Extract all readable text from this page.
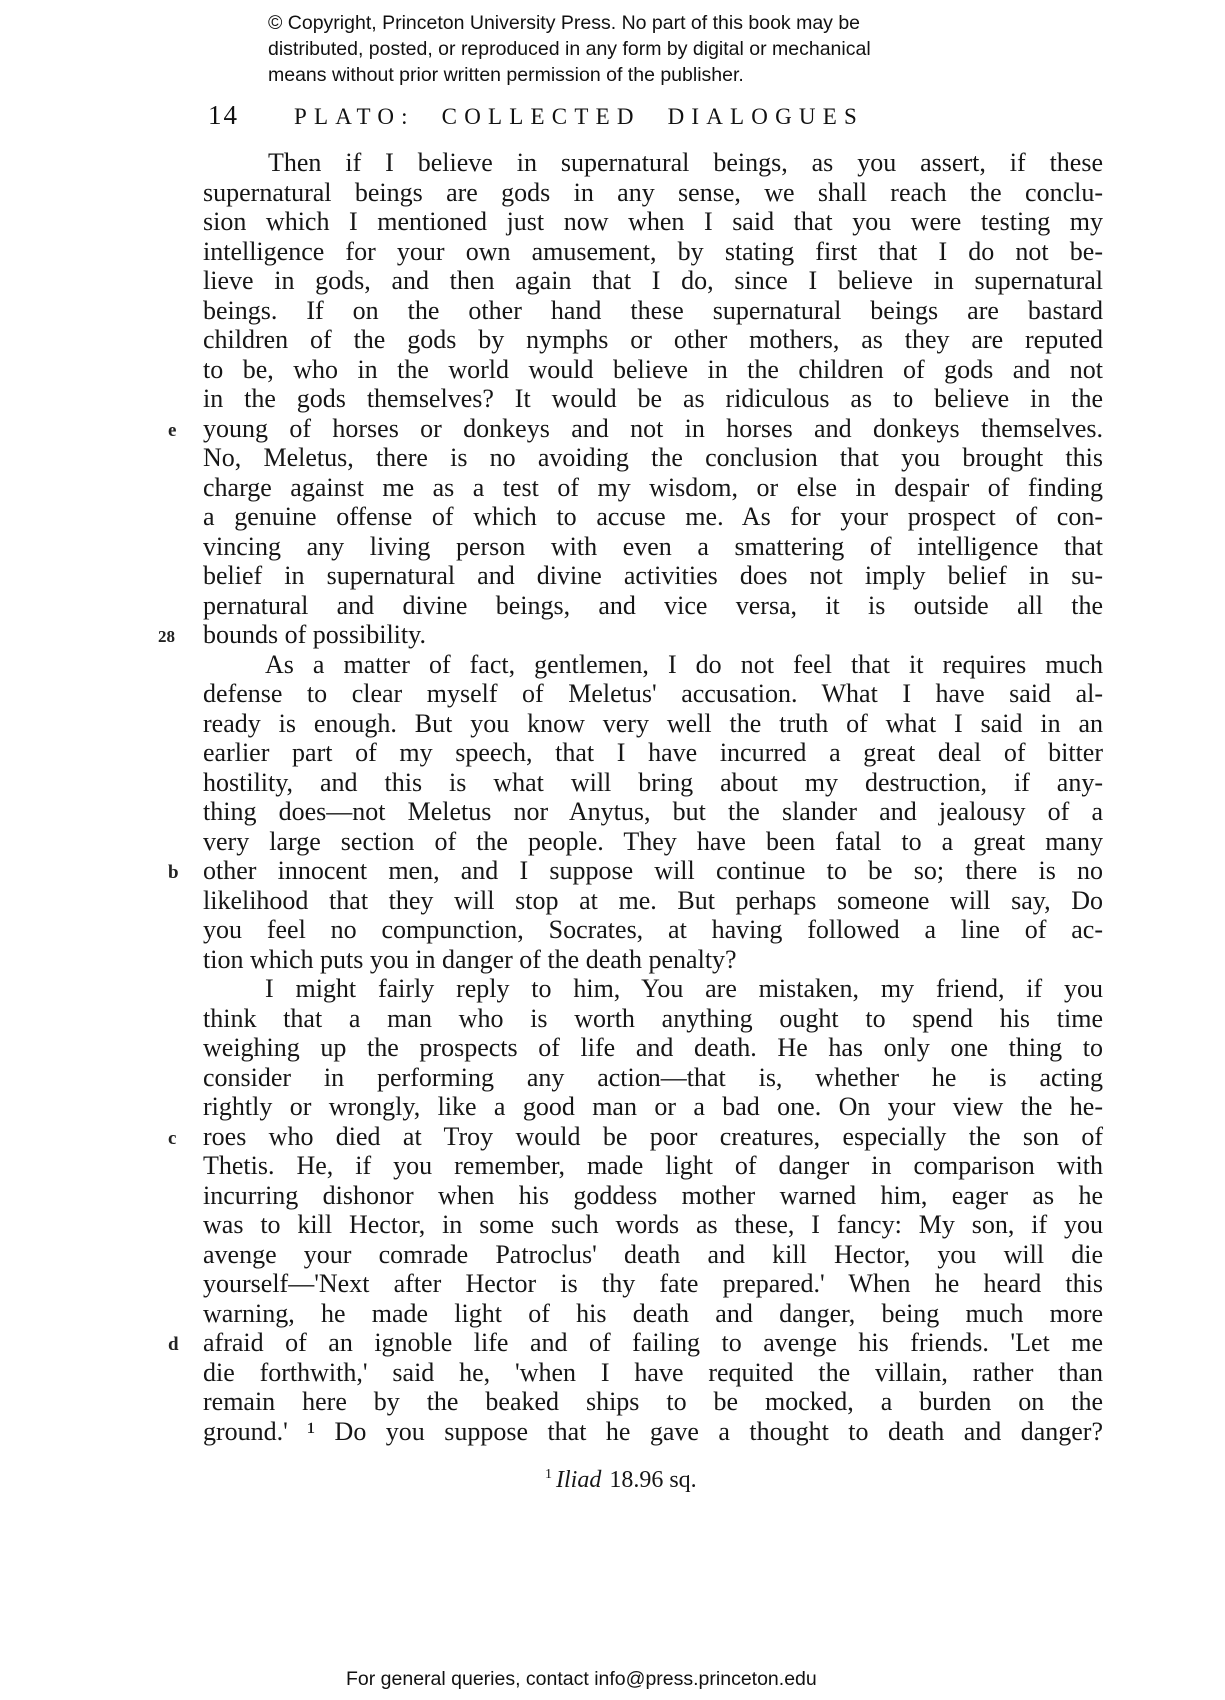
© Copyright, Princeton University Press. No part of this book may be
distributed, posted, or reproduced in any form by digital or mechanical
means without prior written permission of the publisher.
14 PLATO: COLLECTED DIALOGUES
Then if I believe in supernatural beings, as you assert, if these
supernatural beings are gods in any sense, we shall reach the conclu-
sion which I mentioned just now when I said that you were testing my
intelligence for your own amusement, by stating first that I do not be-
lieve in gods, and then again that I do, since I believe in supernatural
beings. If on the other hand these supernatural beings are bastard
children of the gods by nymphs or other mothers, as they are reputed
to be, who in the world would believe in the children of gods and not
in the gods themselves? It would be as ridiculous as to believe in the
e young of horses or donkeys and not in horses and donkeys themselves.
No, Meletus, there is no avoiding the conclusion that you brought this
charge against me as a test of my wisdom, or else in despair of finding
a genuine offense of which to accuse me. As for your prospect of con-
vincing any living person with even a smattering of intelligence that
belief in supernatural and divine activities does not imply belief in su-
pernatural and divine beings, and vice versa, it is outside all the
28 bounds of possibility.
As a matter of fact, gentlemen, I do not feel that it requires much
defense to clear myself of Meletus' accusation. What I have said al-
ready is enough. But you know very well the truth of what I said in an
earlier part of my speech, that I have incurred a great deal of bitter
hostility, and this is what will bring about my destruction, if any-
thing does—not Meletus nor Anytus, but the slander and jealousy of a
very large section of the people. They have been fatal to a great many
b other innocent men, and I suppose will continue to be so; there is no
likelihood that they will stop at me. But perhaps someone will say, Do
you feel no compunction, Socrates, at having followed a line of ac-
tion which puts you in danger of the death penalty?
I might fairly reply to him, You are mistaken, my friend, if you
think that a man who is worth anything ought to spend his time
weighing up the prospects of life and death. He has only one thing to
consider in performing any action—that is, whether he is acting
rightly or wrongly, like a good man or a bad one. On your view the he-
c roes who died at Troy would be poor creatures, especially the son of
Thetis. He, if you remember, made light of danger in comparison with
incurring dishonor when his goddess mother warned him, eager as he
was to kill Hector, in some such words as these, I fancy: My son, if you
avenge your comrade Patroclus' death and kill Hector, you will die
yourself—'Next after Hector is thy fate prepared.' When he heard this
warning, he made light of his death and danger, being much more
d afraid of an ignoble life and of failing to avenge his friends. 'Let me
die forthwith,' said he, 'when I have requited the villain, rather than
remain here by the beaked ships to be mocked, a burden on the
ground.' ¹ Do you suppose that he gave a thought to death and danger?
$^1$ Iliad 18.96 sq.
For general queries, contact info@press.princeton.edu
